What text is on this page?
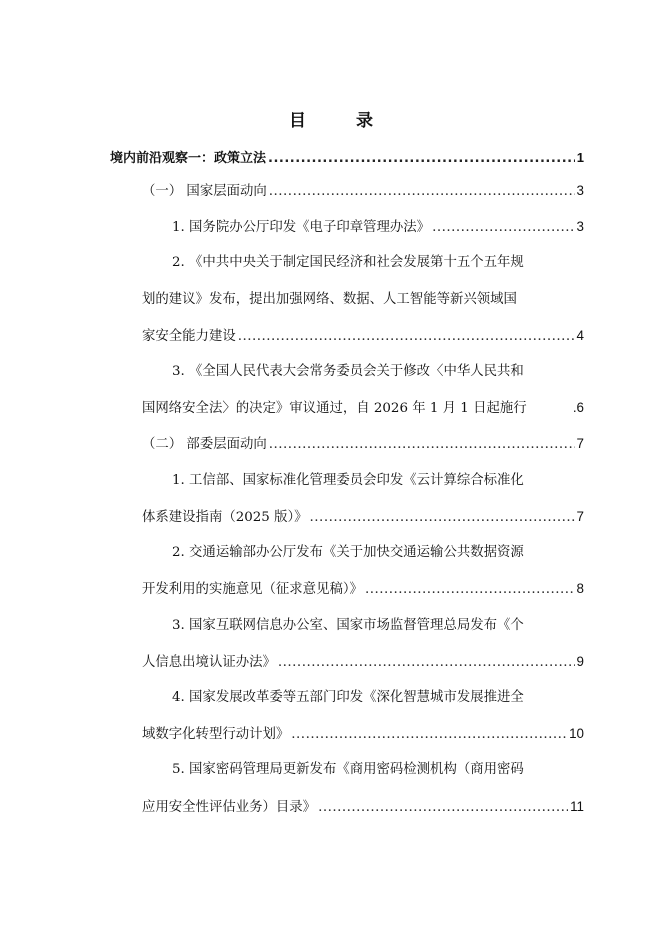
目 录
境内前沿观察一：政策立法 .....	1
（一） 国家层面动向 .....	3
1. 国务院办公厅印发《电子印章管理办法》 .....	3
2. 《中共中央关于制定国民经济和社会发展第十五个五年规
划的建议》发布，提出加强网络、数据、人工智能等新兴领域国
家安全能力建设 .....	4
3. 《全国人民代表大会常务委员会关于修改〈中华人民共和
国网络安全法〉的决定》审议通过，自 2026 年 1 月 1 日起施行	.6
（二） 部委层面动向 .....	7
1. 工信部、国家标准化管理委员会印发《云计算综合标准化
体系建设指南（2025 版）》 .....	7
2. 交通运输部办公厅发布《关于加快交通运输公共数据资源
开发利用的实施意见（征求意见稿）》 .....	8
3. 国家互联网信息办公室、国家市场监督管理总局发布《个
人信息出境认证办法》 .....	9
4. 国家发展改革委等五部门印发《深化智慧城市发展推进全
域数字化转型行动计划》 .....	10
5. 国家密码管理局更新发布《商用密码检测机构（商用密码
应用安全性评估业务）目录》 .....	11
